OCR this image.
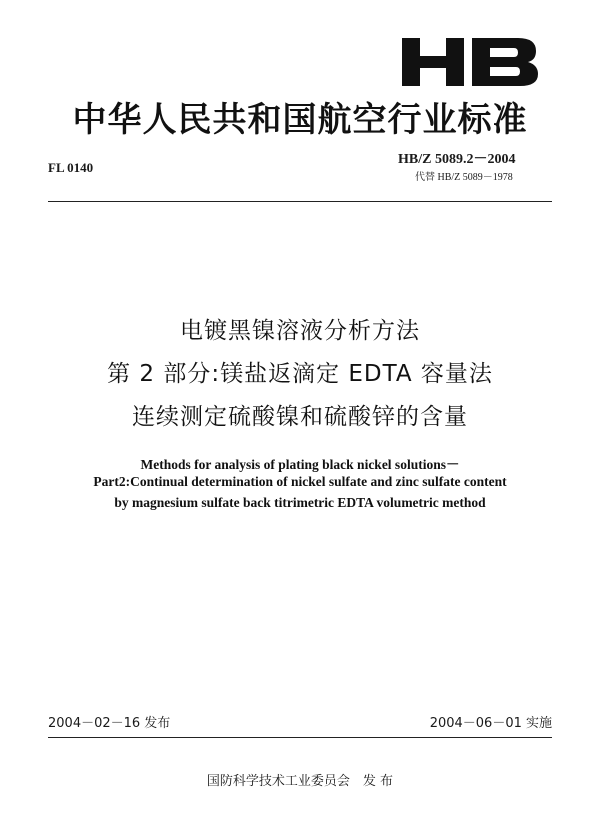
中华人民共和国航空行业标准
FL 0140
HB/Z 5089.2－2004
代替 HB/Z 5089－1978
电镀黑镍溶液分析方法
第 2 部分:镁盐返滴定 EDTA 容量法
连续测定硫酸镍和硫酸锌的含量
Methods for analysis of plating black nickel solutions－
Part2:Continual determination of nickel sulfate and zinc sulfate content
by magnesium sulfate back titrimetric EDTA volumetric method
2004－02－16 发布	2004－06－01 实施
国防科学技术工业委员会　发 布
